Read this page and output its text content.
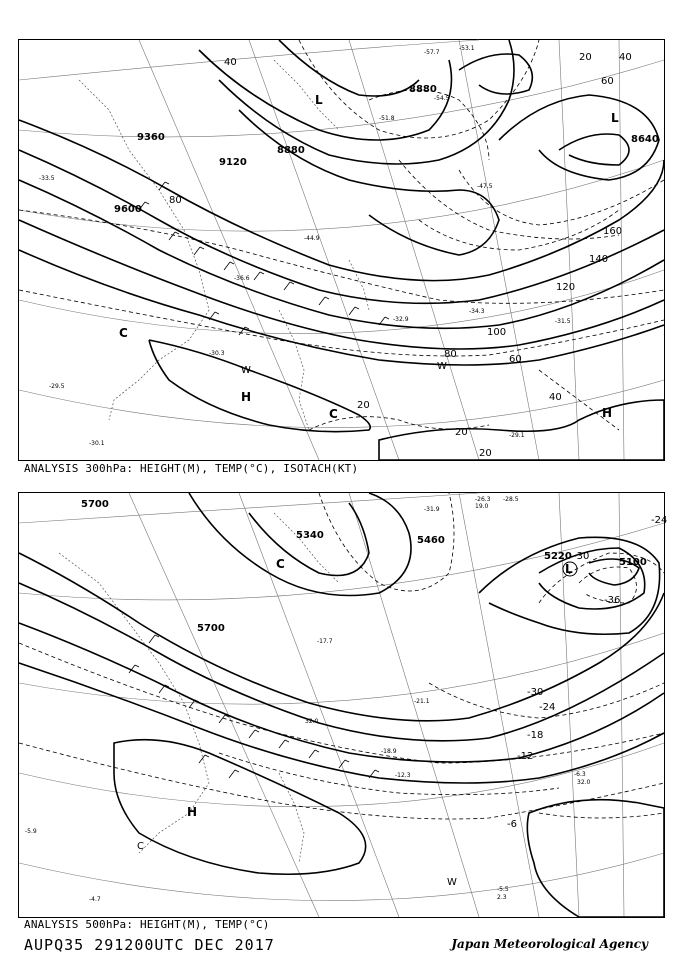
9360
9120
9600
8880
8880
8640
40	40
80
160
140
120
100
80	60
40
20
20
20
20
60
C
H
C	H
L
L
W	W
-33.5
-53.1
-57.7
-54.5
-51.8
-47.5
-44.9
-36.6
-34.3
-31.5
-32.9
-30.3
-29.1
-29.5
-30.1
ANALYSIS 300hPa: HEIGHT(M), TEMP(°C), ISOTACH(KT)
5700
5700
5460
5220
5100
5340
-30
-36
-24
-30
-24
-18
-12
-6
L
C
H
C
W
-26.3
19.0
-28.5
-31.9
-17.7
-21.1
32.0
-18.9
-12.3	-6.3
32.0
-5.5
2.3
-4.7
-5.9
ANALYSIS 500hPa: HEIGHT(M), TEMP(°C)
AUPQ35 291200UTC DEC 2017	Japan Meteorological Agency
